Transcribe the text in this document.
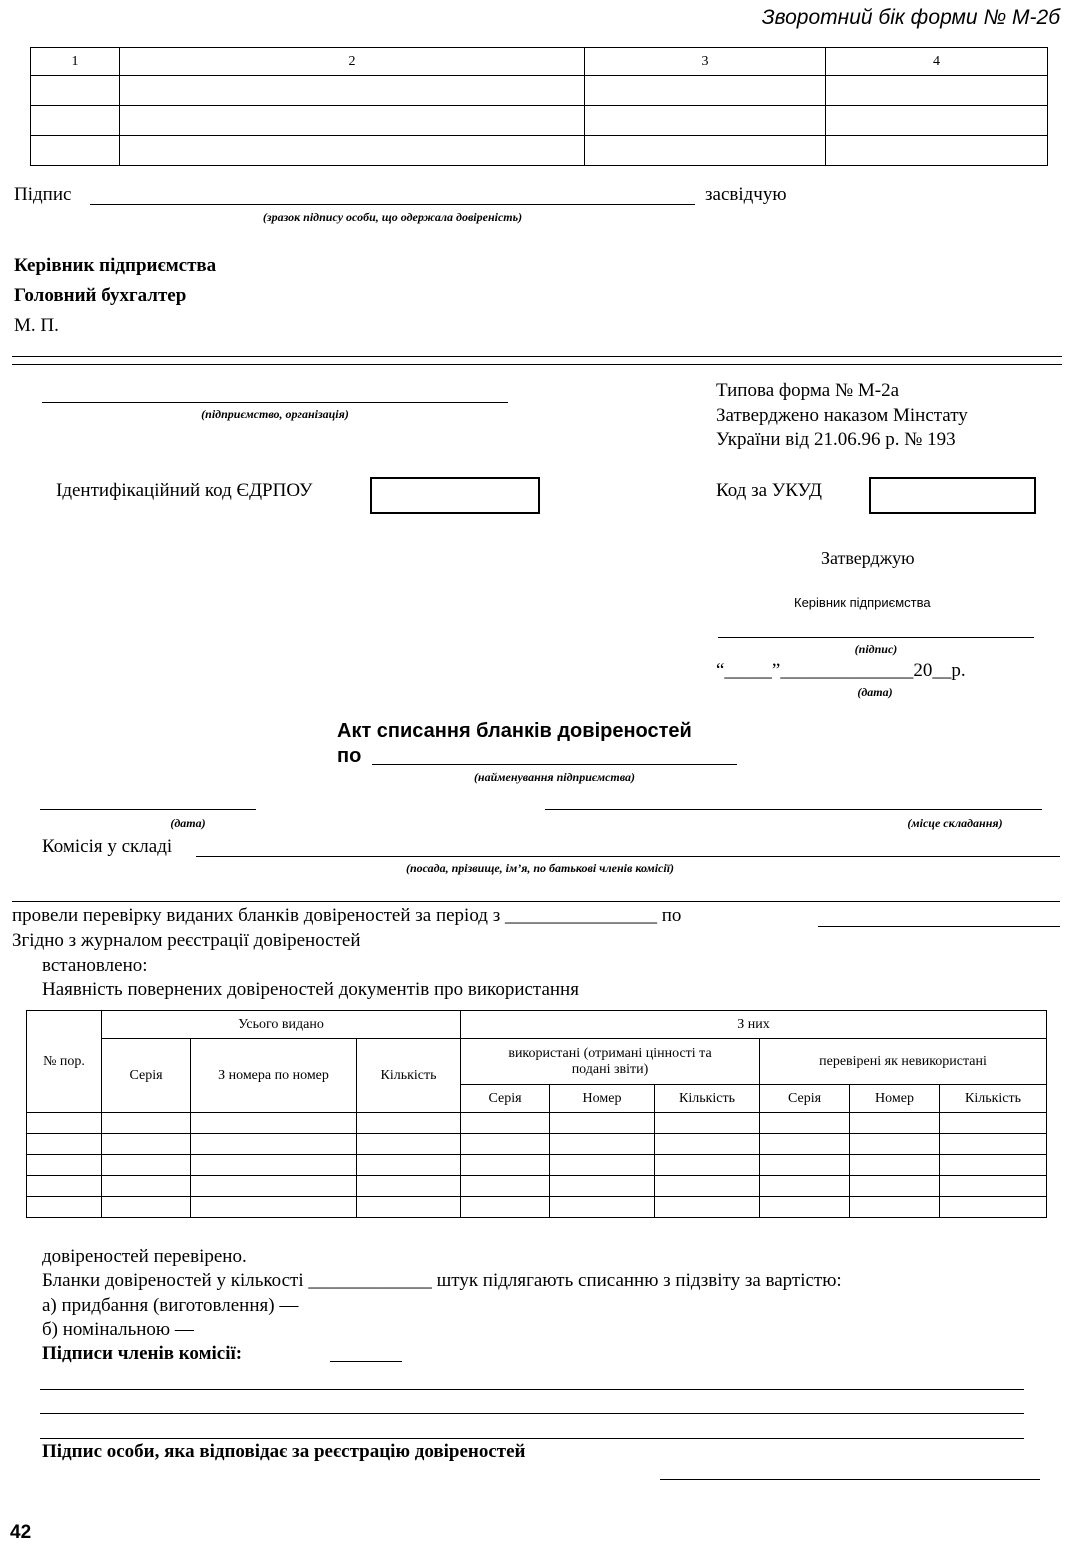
Зворотний бік форми № М-2б
1	2	3	4

Підпис	засвідчую
(зразок підпису особи, що одержала довіреність)
Керівник підприємства
Головний бухгалтер
М. П.
(підприємство, організація)
Типова форма № М-2а
Затверджено наказом Мінстату
України від 21.06.96 р. № 193
Ідентифікаційний код ЄДРПОУ	Код за УКУД
Затверджую
Керівник підприємства
(підпис)
“_____”______________20__р.
(дата)
Акт списання бланків довіреностей
по
(найменування підприємства)
(дата)	(місце складання)
Комісія у складі
(посада, прізвище, ім’я, по батькові членів комісії)
провели перевірку виданих бланків довіреностей за період з ________________ по
Згідно з журналом реєстрації довіреностей
встановлено:
Наявність повернених довіреностей документів про використання
№ пор.	Усього видано			З них					
	Серія	З номера по номер	Кількість	використані (отримані цінності та подані звіти)			перевірені як невикористані		
				Серія	Номер	Кількість	Серія	Номер	Кількість

довіреностей перевірено.
Бланки довіреностей у кількості _____________ штук підлягають списанню з підзвіту за вартістю:
а) придбання (виготовлення) —
б) номінальною —
Підписи членів комісії:
Підпис особи, яка відповідає за реєстрацію довіреностей
42
